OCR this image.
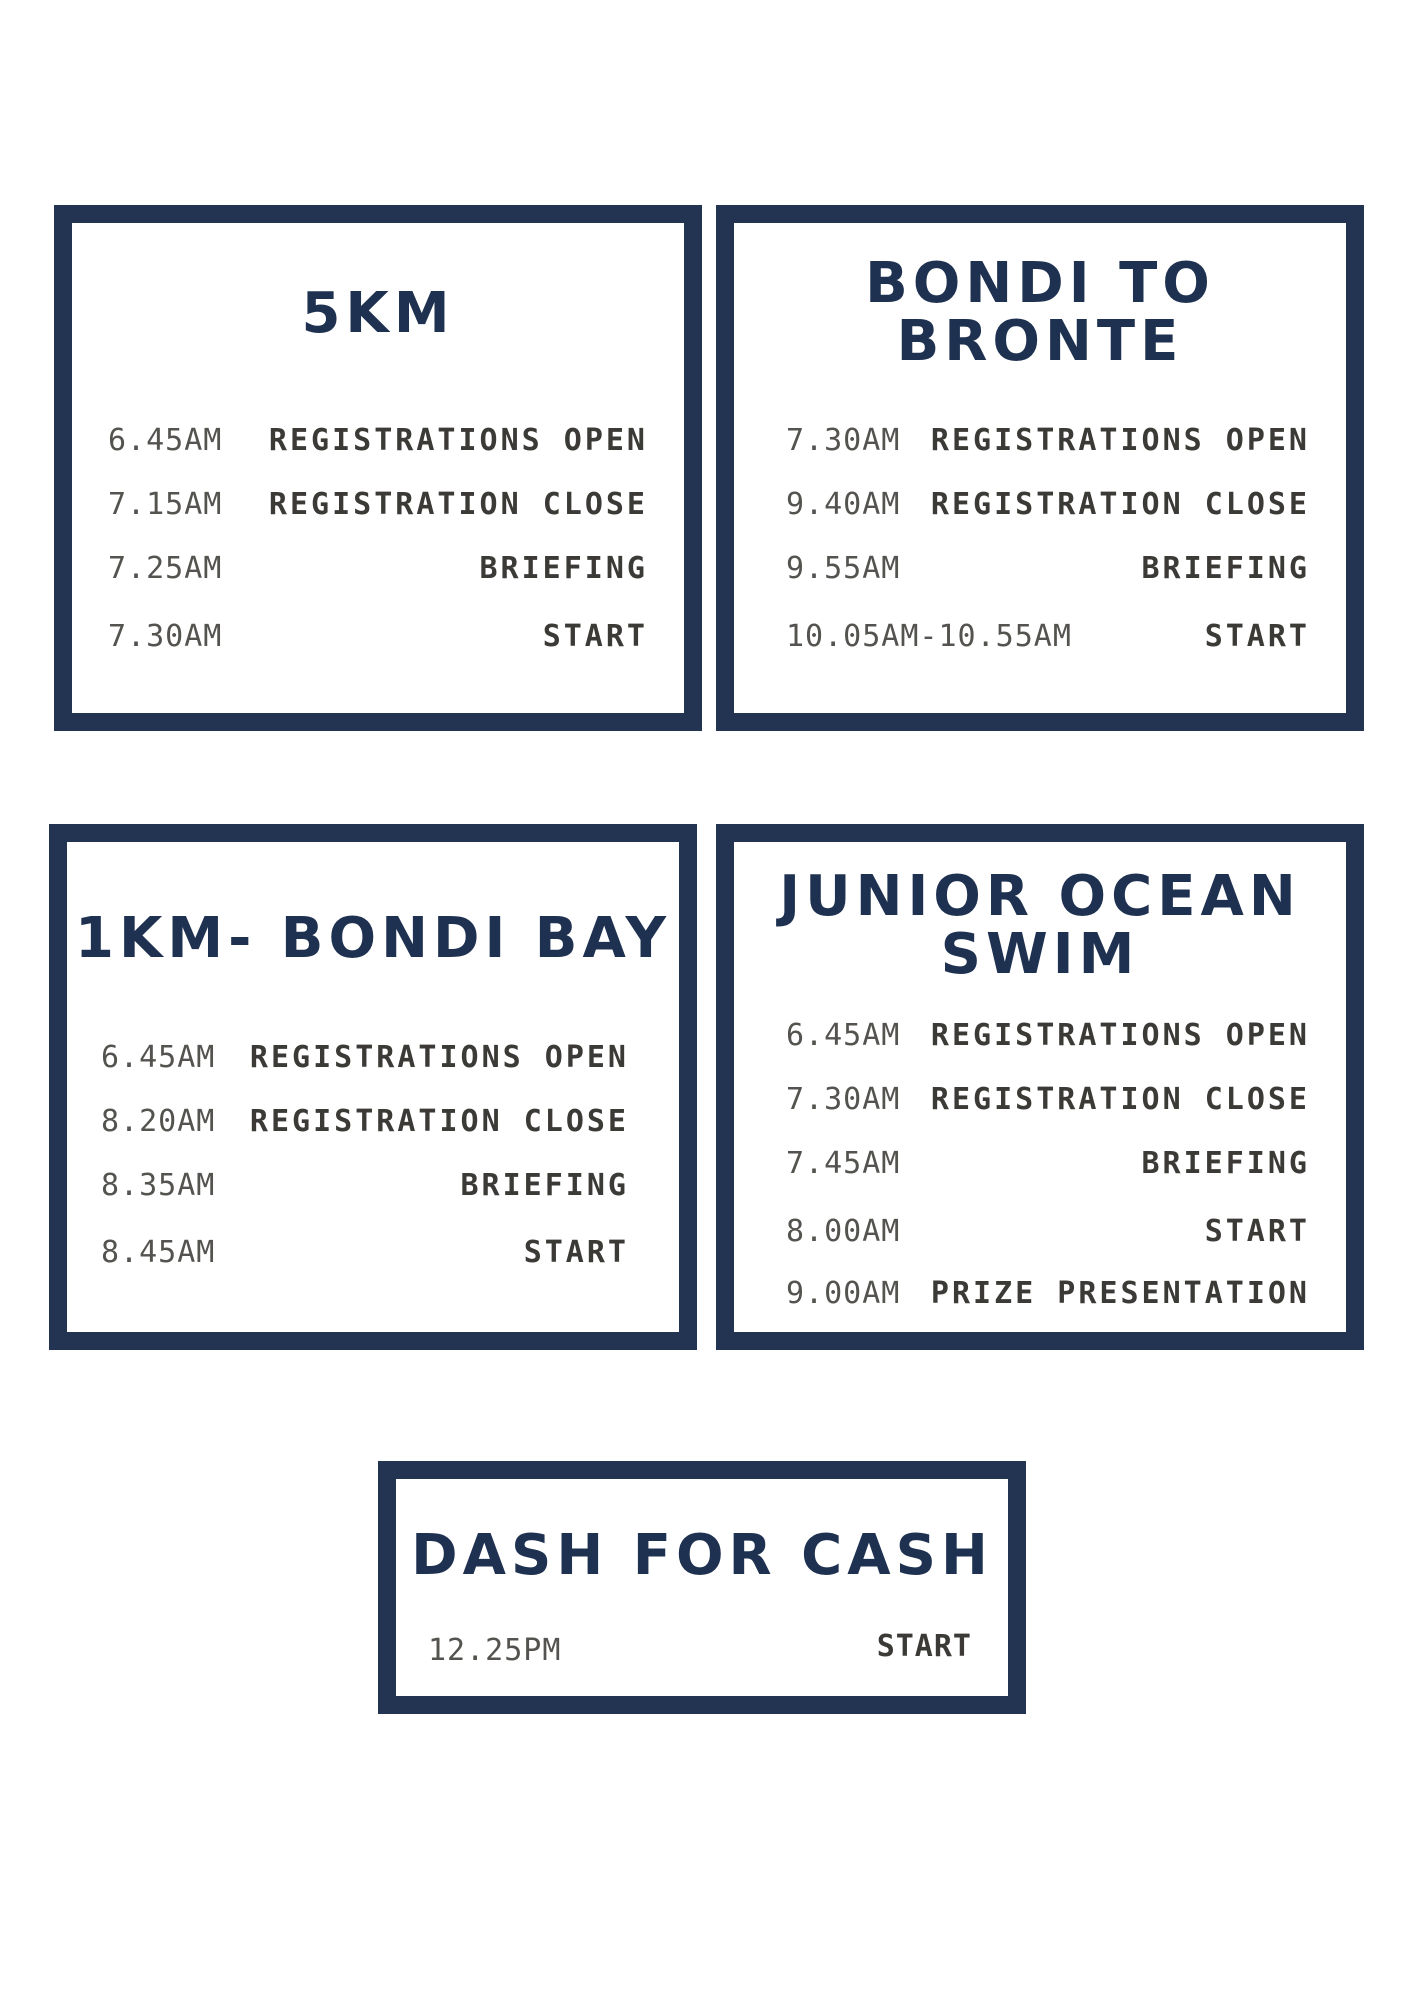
5KM
6.45AM REGISTRATIONS OPEN
7.15AM REGISTRATION CLOSE
7.25AM	BRIEFING
7.30AM	START
BONDI TO
BRONTE
7.30AM REGISTRATIONS OPEN
9.40AM REGISTRATION CLOSE
9.55AM	BRIEFING
10.05AM-10.55AM	START
1KM- BONDI BAY
6.45AM REGISTRATIONS OPEN
8.20AM REGISTRATION CLOSE
8.35AM	BRIEFING
8.45AM	START
JUNIOR OCEAN
SWIM
6.45AM REGISTRATIONS OPEN
7.30AM REGISTRATION CLOSE
7.45AM	BRIEFING
8.00AM	START
9.00AM PRIZE PRESENTATION
DASH FOR CASH
12.25PM	START
